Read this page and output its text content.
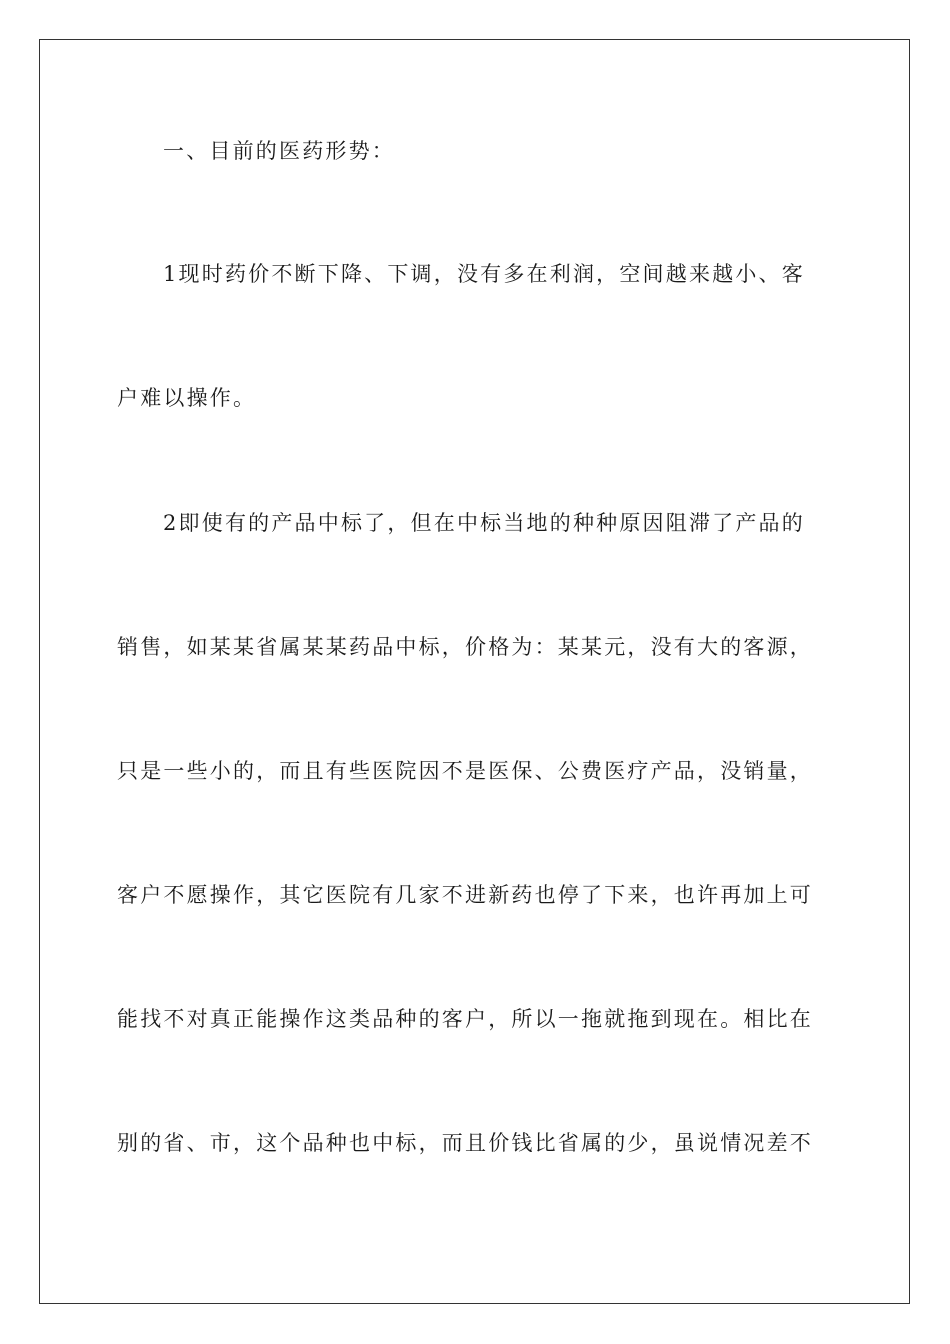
一、目前的医药形势：
1现时药价不断下降、下调，没有多在利润，空间越来越小、客
户难以操作。
2即使有的产品中标了，但在中标当地的种种原因阻滞了产品的
销售，如某某省属某某药品中标，价格为：某某元，没有大的客源，
只是一些小的，而且有些医院因不是医保、公费医疗产品，没销量，
客户不愿操作，其它医院有几家不进新药也停了下来，也许再加上可
能找不对真正能操作这类品种的客户，所以一拖就拖到现在。相比在
别的省、市，这个品种也中标，而且价钱比省属的少，虽说情况差不
